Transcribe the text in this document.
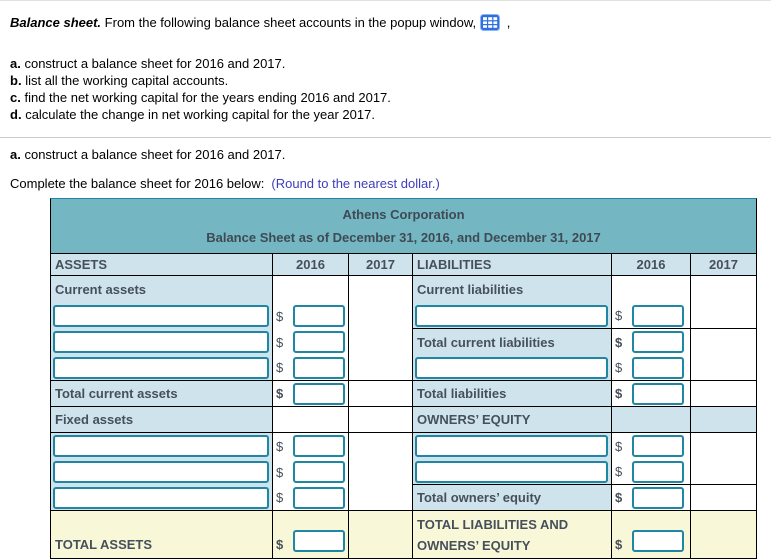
Balance sheet. From the following balance sheet accounts in the popup window, ,
a. construct a balance sheet for 2016 and 2017.
b. list all the working capital accounts.
c. find the net working capital for the years ending 2016 and 2017.
d. calculate the change in net working capital for the year 2017.
a. construct a balance sheet for 2016 and 2017.
Complete the balance sheet for 2016 below: (Round to the nearest dollar.)
Athens Corporation
Balance Sheet as of December 31, 2016, and December 31, 2017
ASSETS	2016	2017	LIABILITIES	2016	2017
Current assets	Current liabilities
$	$
$	Total current liabilities	$
$	$
Total current assets	$	Total liabilities	$
Fixed assets	OWNERS’ EQUITY
$	$
$	$
$	Total owners’ equity	$
TOTAL ASSETS	$
TOTAL LIABILITIES AND
OWNERS’ EQUITY	$
